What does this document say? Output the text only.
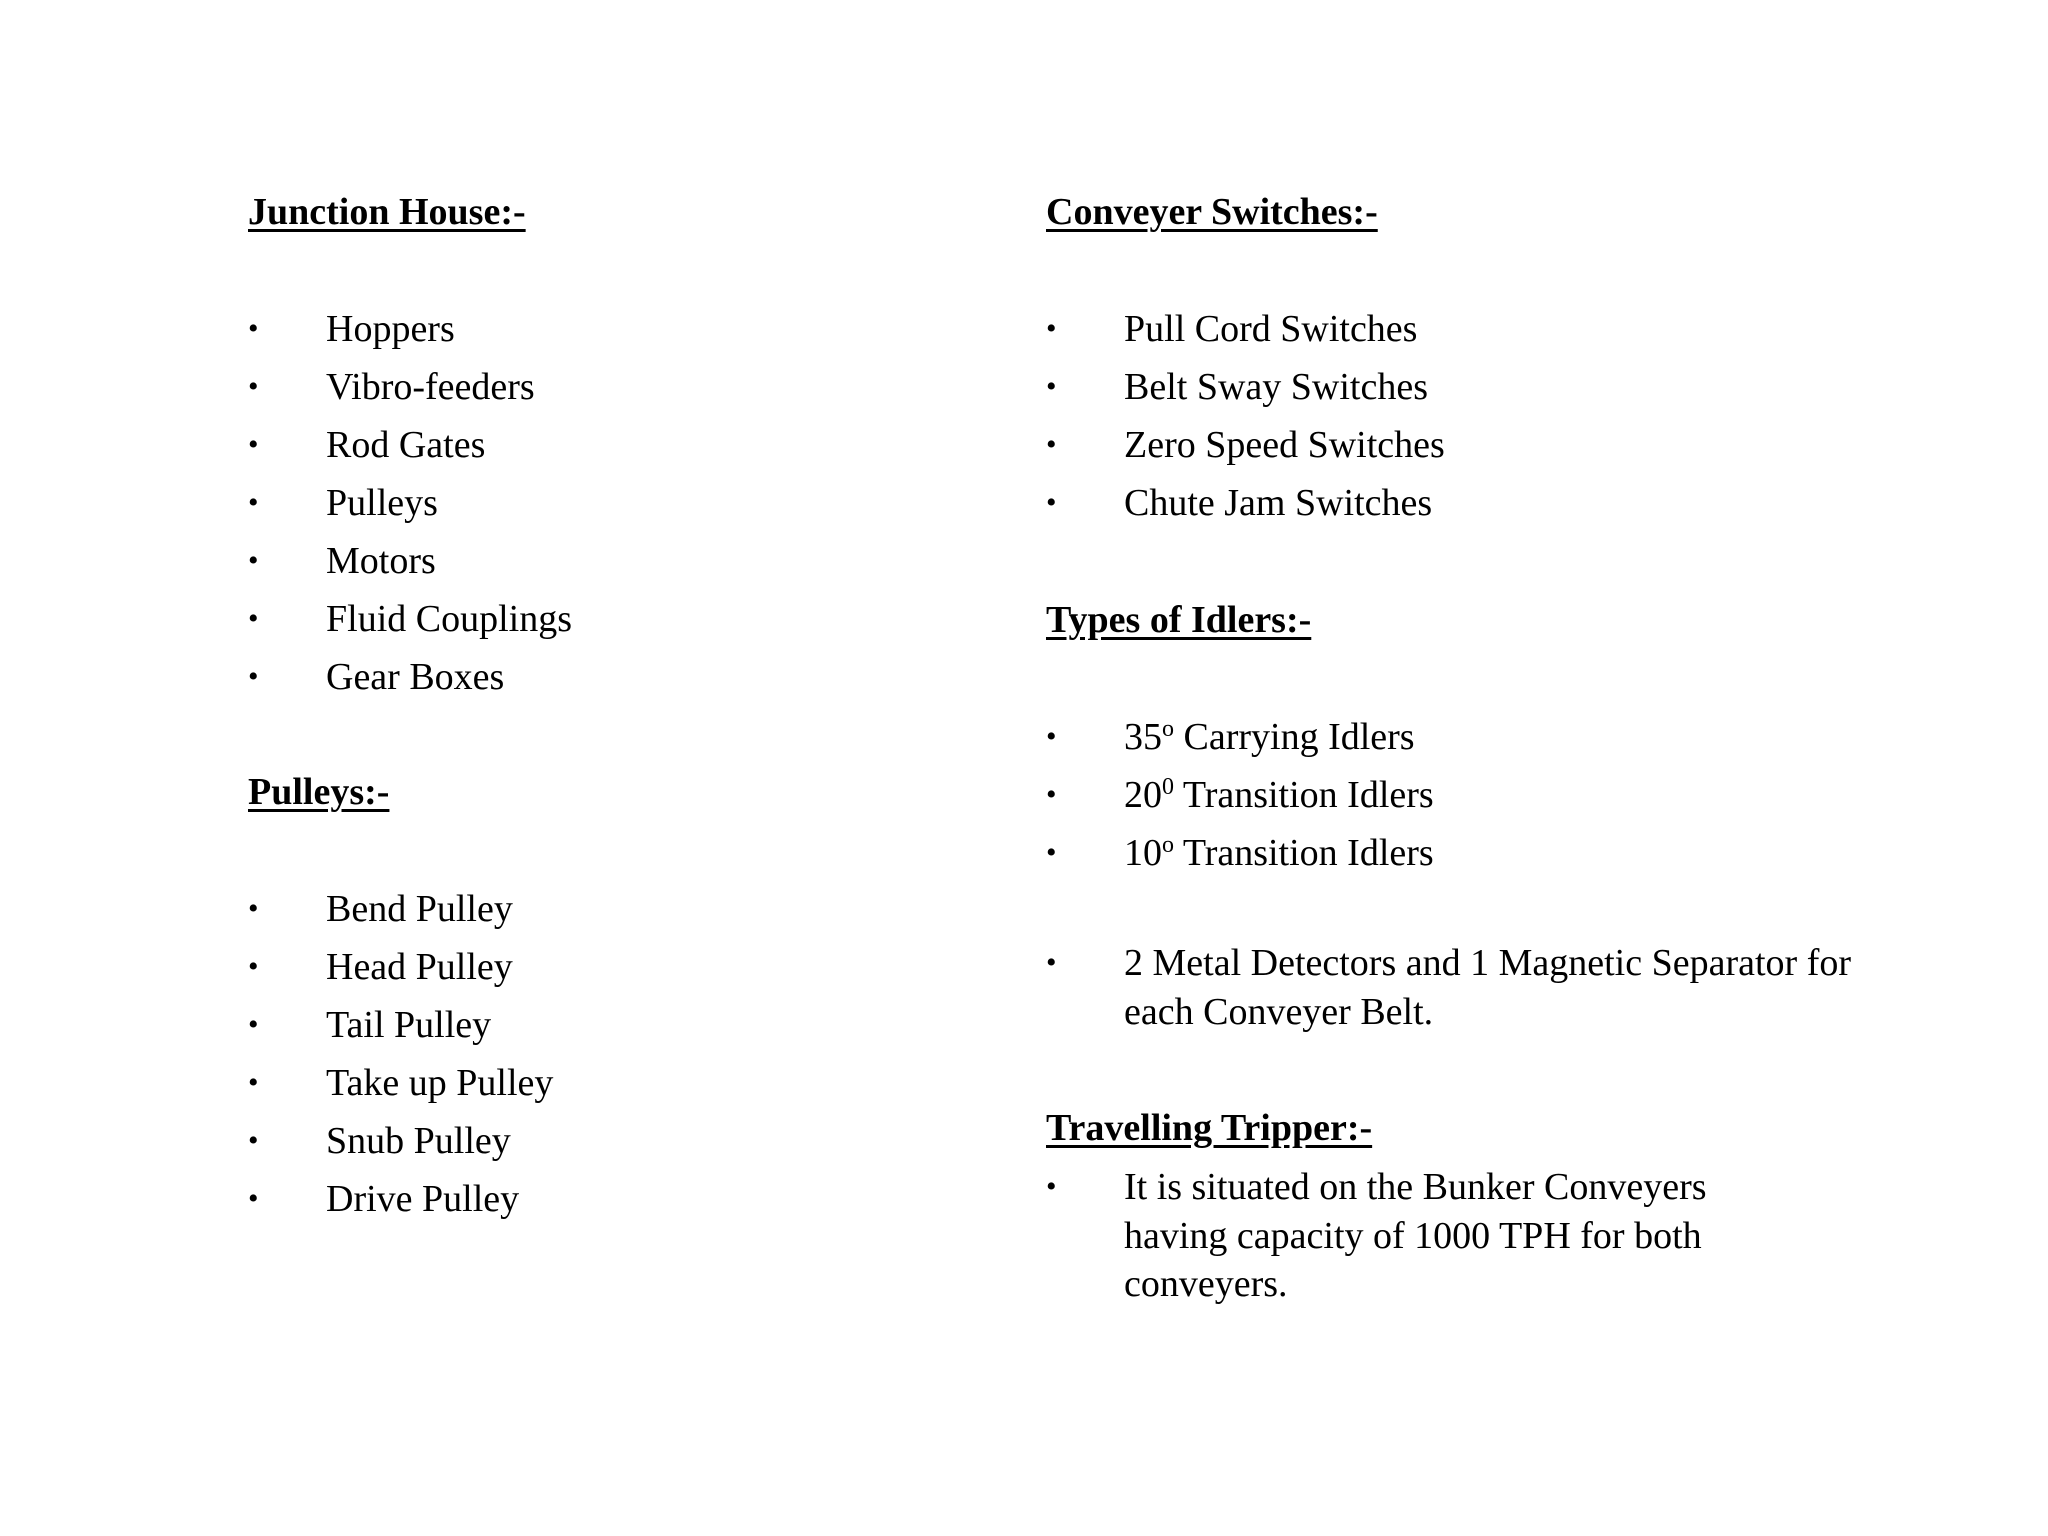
Junction House:-
•	Hoppers
•	Vibro-feeders
•	Rod Gates
•	Pulleys
•	Motors
•	Fluid Couplings
•	Gear Boxes
Pulleys:-
•	Bend Pulley
•	Head Pulley
•	Tail Pulley
•	Take up Pulley
•	Snub Pulley
•	Drive Pulley
Conveyer Switches:-
•	Pull Cord Switches
•	Belt Sway Switches
•	Zero Speed Switches
•	Chute Jam Switches
Types of Idlers:-
•	35$^o$ Carrying Idlers
•	$20^0$ Transition Idlers
•	10$^o$ Transition Idlers
•	2 Metal Detectors and 1 Magnetic Separator for each Conveyer Belt.
Travelling Tripper:-
•	It is situated on the Bunker Conveyers having capacity of 1000 TPH for both conveyers.
